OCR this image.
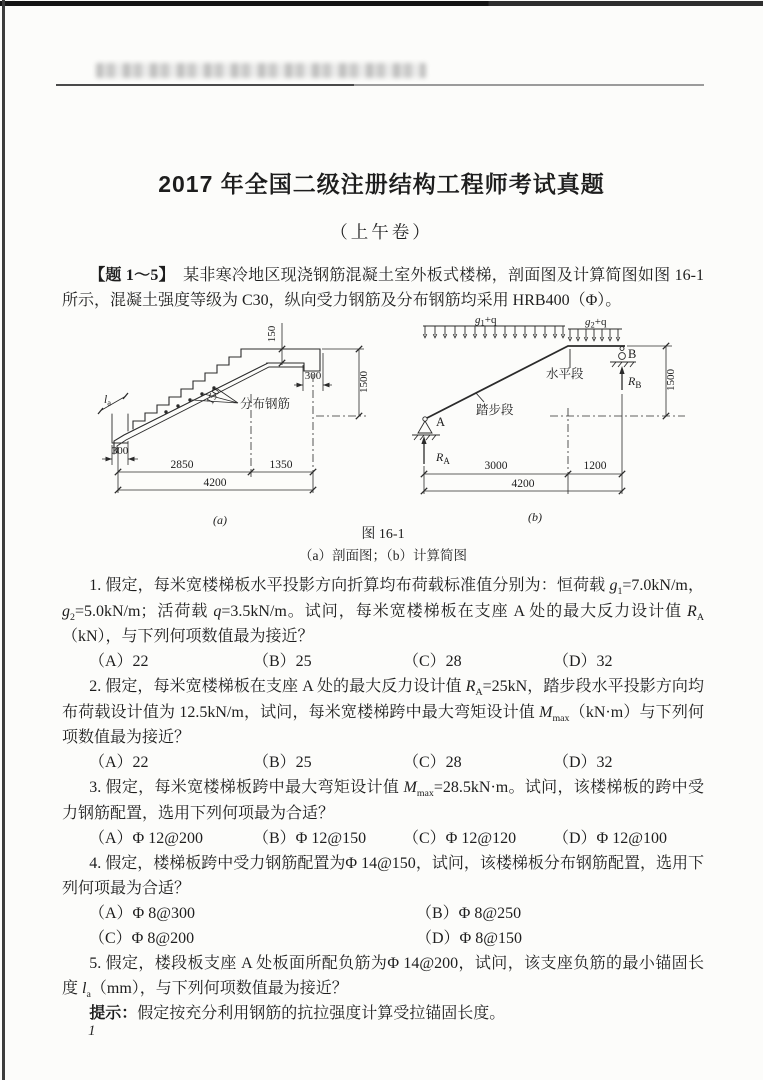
2017 年全国二级注册结构工程师考试真题
（上午卷）

【题 1～5】　某非寒冷地区现浇钢筋混凝土室外板式楼梯，剖面图及计算简图如图 16-1所示，混凝土强度等级为 C30，纵向受力钢筋及分布钢筋均采用 HRB400（Φ）。

300
150
1500
150 分布钢筋
$l_a$
300
2850	1350
4200
(a)
$g_1+q$	$g_2+q$
A
B
$R_A$
$R_B$
水平段
踏步段
1500
3000	1200
4200
(b)
图 16-1
（a）剖面图；（b）计算简图

1. 假定，每米宽楼梯板水平投影方向折算均布荷载标准值分别为：恒荷载 $g_1=7.0kN/m$，$g_2=5.0kN/m$；活荷载 q=3.5kN/m。试问，每米宽楼梯板在支座 A 处的最大反力设计值 $R_A(kN)$，与下列何项数值最为接近？

（A）22	（B）25	（C）28	（D）32

2. 假定，每米宽楼梯板在支座 A 处的最大反力设计值 $R_A=25kN$，踏步段水平投影方向均布荷载设计值为 12.5kN/m，试问，每米宽楼梯跨中最大弯矩设计值 $M_{max}(kN\cdot m)$与下列何项数值最为接近？

（A）22	（B）25	（C）28	（D）32

3. 假定，每米宽楼梯板跨中最大弯矩设计值 $M_{max}=28.5kN\cdot m$。试问，该楼梯板的跨中受力钢筋配置，选用下列何项最为合适？

（A）Φ 12@200	（B）Φ 12@150	（C）Φ 12@120	（D）Φ 12@100

4. 假定，楼梯板跨中受力钢筋配置为Φ 14@150，试问，该楼梯板分布钢筋配置，选用下列何项最为合适？

（A）Φ 8@300	（B）Φ 8@250
（C）Φ 8@200	（D）Φ 8@150

5. 假定，楼段板支座 A 处板面所配负筋为Φ 14@200，试问，该支座负筋的最小锚固长度 $l_a(mm)$，与下列何项数值最为接近？

提示：假定按充分利用钢筋的抗拉强度计算受拉锚固长度。

1
